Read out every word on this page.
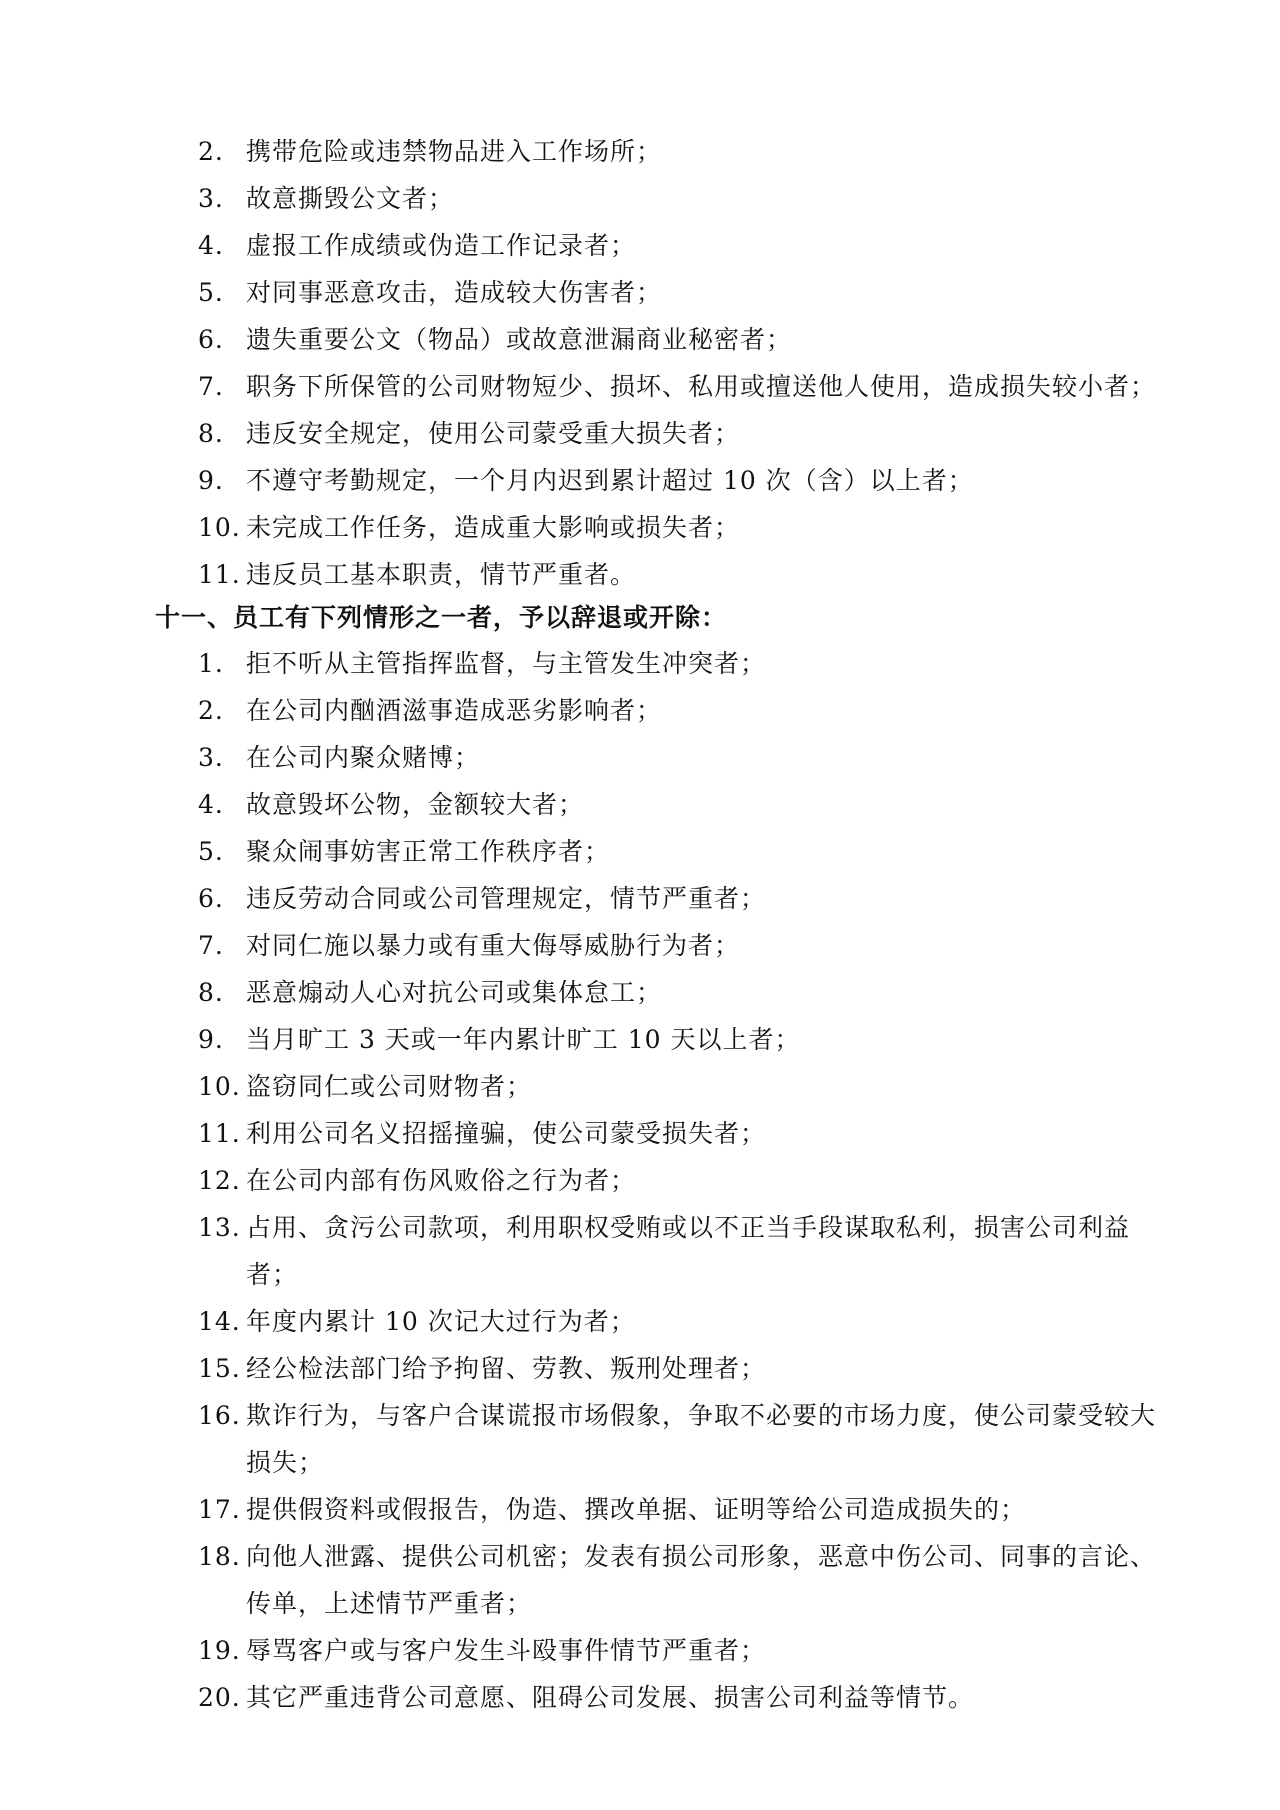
2. 携带危险或违禁物品进入工作场所；
3. 故意撕毁公文者；
4. 虚报工作成绩或伪造工作记录者；
5. 对同事恶意攻击，造成较大伤害者；
6. 遗失重要公文（物品）或故意泄漏商业秘密者；
7. 职务下所保管的公司财物短少、损坏、私用或擅送他人使用，造成损失较小者；
8. 违反安全规定，使用公司蒙受重大损失者；
9. 不遵守考勤规定，一个月内迟到累计超过 10 次（含）以上者；
10. 未完成工作任务，造成重大影响或损失者；
11. 违反员工基本职责，情节严重者。
十一、员工有下列情形之一者，予以辞退或开除：
1. 拒不听从主管指挥监督，与主管发生冲突者；
2. 在公司内酗酒滋事造成恶劣影响者；
3. 在公司内聚众赌博；
4. 故意毁坏公物，金额较大者；
5. 聚众闹事妨害正常工作秩序者；
6. 违反劳动合同或公司管理规定，情节严重者；
7. 对同仁施以暴力或有重大侮辱威胁行为者；
8. 恶意煽动人心对抗公司或集体怠工；
9. 当月旷工 3 天或一年内累计旷工 10 天以上者；
10. 盗窃同仁或公司财物者；
11. 利用公司名义招摇撞骗，使公司蒙受损失者；
12. 在公司内部有伤风败俗之行为者；
13. 占用、贪污公司款项，利用职权受贿或以不正当手段谋取私利，损害公司利益者；
14. 年度内累计 10 次记大过行为者；
15. 经公检法部门给予拘留、劳教、叛刑处理者；
16. 欺诈行为，与客户合谋谎报市场假象，争取不必要的市场力度，使公司蒙受较大损失；
17. 提供假资料或假报告，伪造、撰改单据、证明等给公司造成损失的；
18. 向他人泄露、提供公司机密；发表有损公司形象，恶意中伤公司、同事的言论、传单，上述情节严重者；
19. 辱骂客户或与客户发生斗殴事件情节严重者；
20. 其它严重违背公司意愿、阻碍公司发展、损害公司利益等情节。
